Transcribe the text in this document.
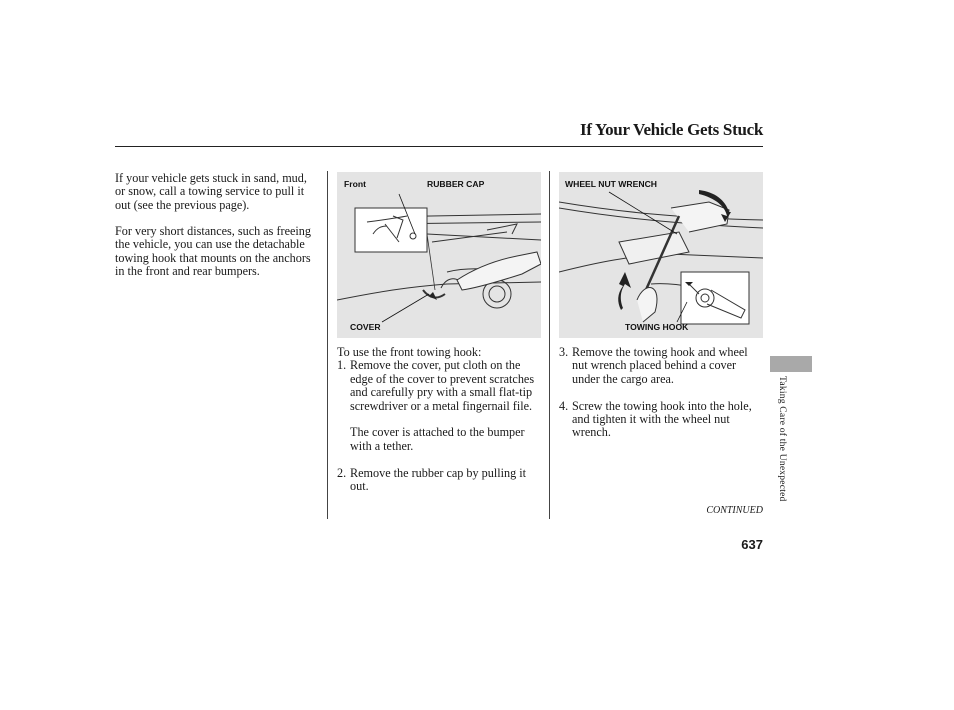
If Your Vehicle Gets Stuck
If your vehicle gets stuck in sand, mud, or snow, call a towing service to pull it out (see the previous page).
For very short distances, such as freeing the vehicle, you can use the detachable towing hook that mounts on the anchors in the front and rear bumpers.
Front	RUBBER CAP
COVER
WHEEL NUT WRENCH
TOWING HOOK
To use the front towing hook:
1. Remove the cover, put cloth on the edge of the cover to prevent scratches and carefully pry with a small flat-tip screwdriver or a metal fingernail file.
The cover is attached to the bumper with a tether.
2. Remove the rubber cap by pulling it out.
3. Remove the towing hook and wheel nut wrench placed behind a cover under the cargo area.
4. Screw the towing hook into the hole, and tighten it with the wheel nut wrench.	Taking Care of the Unexpected
CONTINUED
637
